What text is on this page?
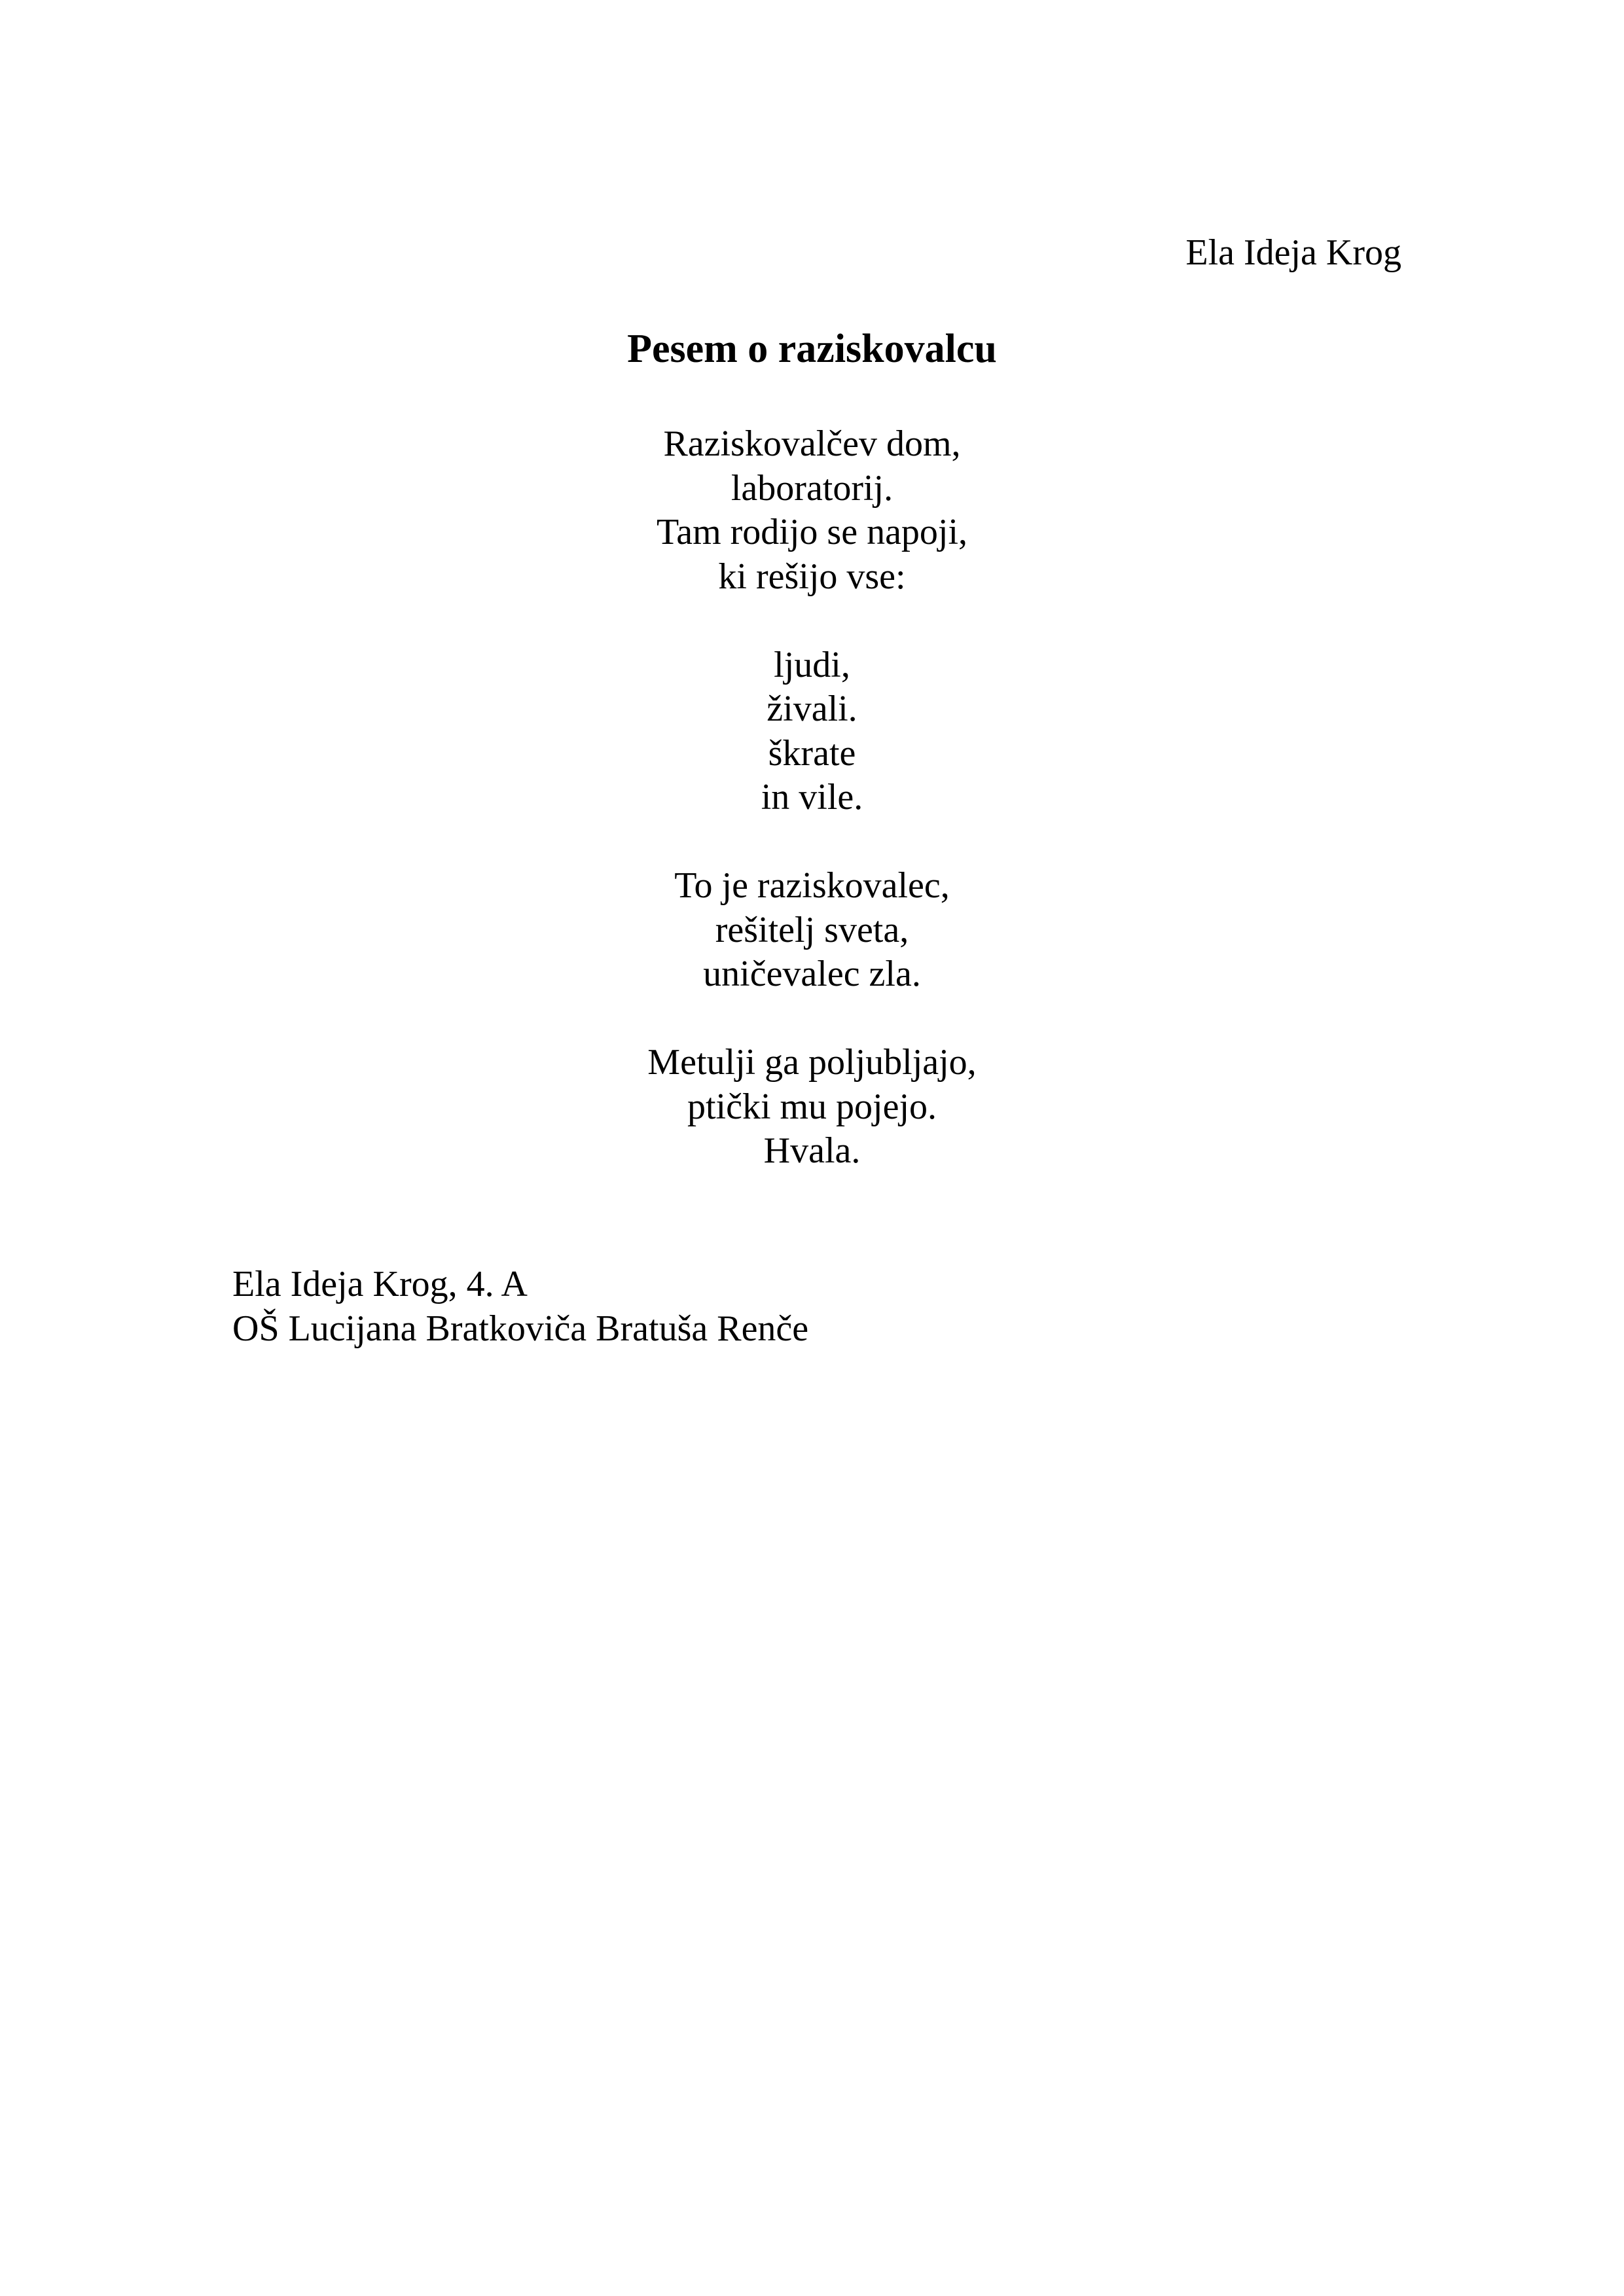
Ela Ideja Krog
Pesem o raziskovalcu
Raziskovalčev dom,
laboratorij.
Tam rodijo se napoji,
ki rešijo vse:
ljudi,
živali.
škrate
in vile.
To je raziskovalec,
rešitelj sveta,
uničevalec zla.
Metulji ga poljubljajo,
ptički mu pojejo.
Hvala.
Ela Ideja Krog, 4. A
OŠ Lucijana Bratkoviča Bratuša Renče
